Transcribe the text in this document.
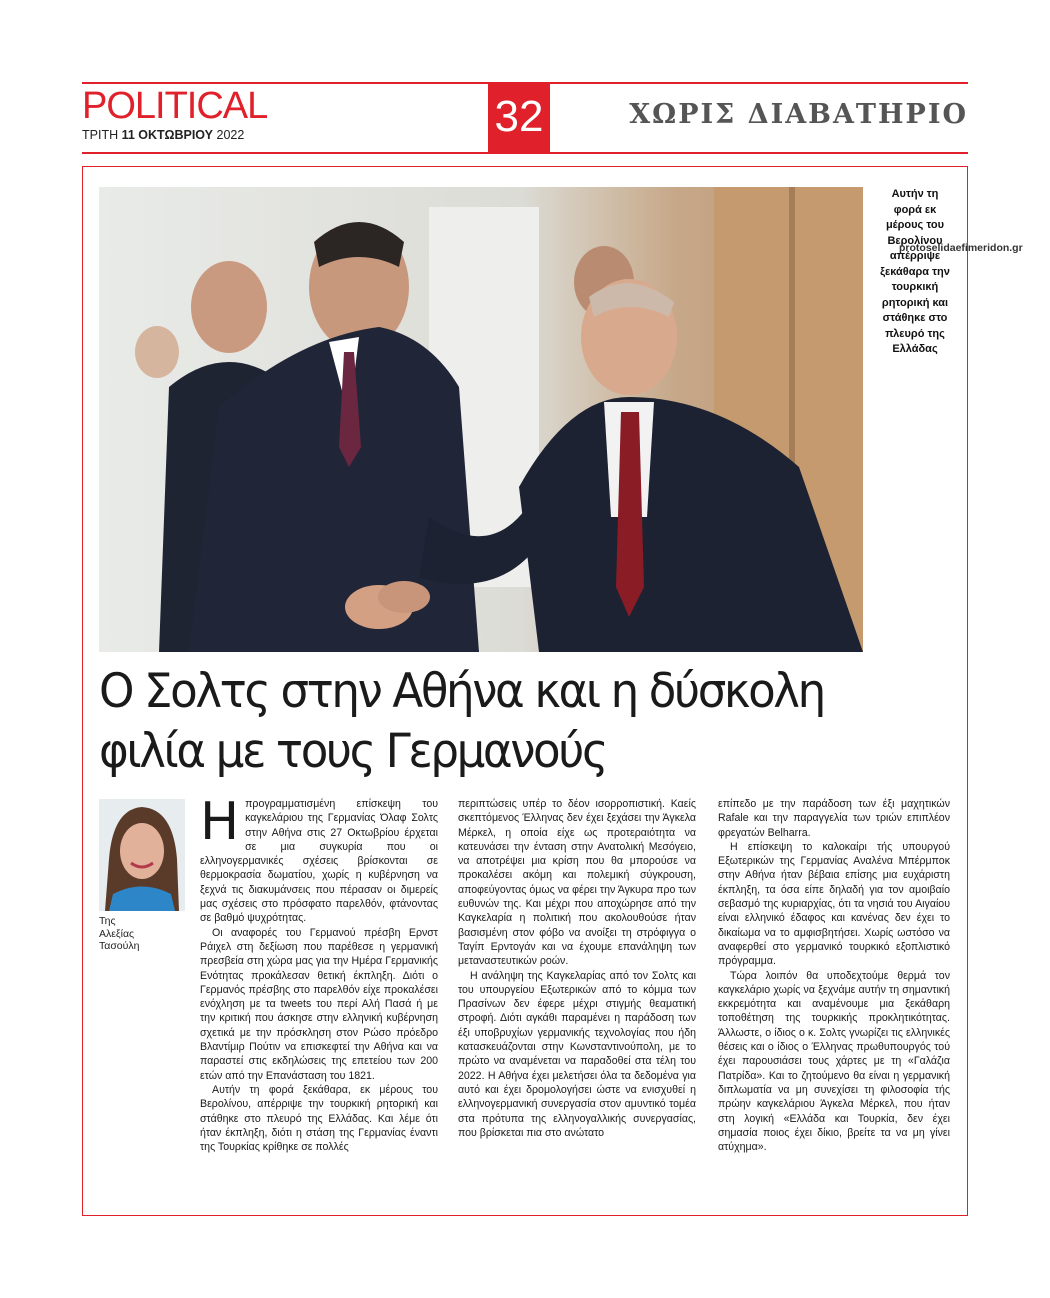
POLITICAL
ΤΡΙΤΗ 11 ΟΚΤΩΒΡΙΟΥ 2022	32	ΧΩΡΙΣ ΔΙΑΒΑΤΗΡΙΟ
Αυτήν τη φορά εκ μέρους του Βερολίνου απέρριψε ξεκάθαρα την τουρκική ρητορική και στάθηκε στο πλευρό της Ελλάδας
protoselidaefimeridon.gr
Ο Σολτς στην Αθήνα και η δύσκολη
φιλία με τους Γερμανούς
Της
Αλεξίας
Τασούλη

Ηπρογραμματισμένη επίσκεψη του καγκελάριου της Γερμανίας Όλαφ Σολτς στην Αθήνα στις 27 Οκτωβρίου έρχεται σε μια συγκυρία που οι ελληνογερμανικές σχέσεις βρίσκονται σε θερμοκρασία δωματίου, χωρίς η κυβέρνηση να ξεχνά τις διακυμάνσεις που πέρασαν οι διμερείς μας σχέσεις στο πρόσφατο παρελθόν, φτάνοντας σε βαθμό ψυχρότητας.

Οι αναφορές του Γερμανού πρέσβη Ερνστ Ράιχελ στη δεξίωση που παρέθεσε η γερμανική πρεσβεία στη χώρα μας για την Ημέρα Γερμανικής Ενότητας προκάλεσαν θετική έκπληξη. Διότι ο Γερμανός πρέσβης στο παρελθόν είχε προκαλέσει ενόχληση με τα tweets του περί Αλή Πασά ή με την κριτική που άσκησε στην ελληνική κυβέρνηση σχετικά με την πρόσκληση στον Ρώσο πρόεδρο Βλαντίμιρ Πούτιν να επισκεφτεί την Αθήνα και να παραστεί στις εκδηλώσεις της επετείου των 200 ετών από την Επανάσταση του 1821.

Αυτήν τη φορά ξεκάθαρα, εκ μέρους του Βερολίνου, απέρριψε την τουρκική ρητορική και στάθηκε στο πλευρό της Ελλάδας. Και λέμε ότι ήταν έκπληξη, διότι η στάση της Γερμανίας έναντι της Τουρκίας κρίθηκε σε πολλές

περιπτώσεις υπέρ το δέον ισορροπιστική. Καείς σκεπτόμενος Έλληνας δεν έχει ξεχάσει την Άγκελα Μέρκελ, η οποία είχε ως προτεραιότητα να κατευνάσει την ένταση στην Ανατολική Μεσόγειο, να αποτρέψει μια κρίση που θα μπορούσε να προκαλέσει ακόμη και πολεμική σύγκρουση, αποφεύγοντας όμως να φέρει την Άγκυρα προ των ευθυνών της. Και μέχρι που αποχώρησε από την Καγκελαρία η πολιτική που ακολουθούσε ήταν βασισμένη στον φόβο να ανοίξει τη στρόφιγγα ο Ταγίπ Ερντογάν και να έχουμε επανάληψη των μεταναστευτικών ροών.

Η ανάληψη της Καγκελαρίας από τον Σολτς και του υπουργείου Εξωτερικών από το κόμμα των Πρασίνων δεν έφερε μέχρι στιγμής θεαματική στροφή. Διότι αγκάθι παραμένει η παράδοση των έξι υποβρυχίων γερμανικής τεχνολογίας που ήδη κατασκευάζονται στην Κωνσταντινούπολη, με το πρώτο να αναμένεται να παραδοθεί στα τέλη του 2022. Η Αθήνα έχει μελετήσει όλα τα δεδομένα για αυτό και έχει δρομολογήσει ώστε να ενισχυθεί η ελληνογερμανική συνεργασία στον αμυντικό τομέα στα πρότυπα της ελληνογαλλικής συνεργασίας, που βρίσκεται πια στο ανώτατο

επίπεδο με την παράδοση των έξι μαχητικών Rafale και την παραγγελία των τριών επιπλέον φρεγατών Belharra.

Η επίσκεψη το καλοκαίρι τής υπουργού Εξωτερικών της Γερμανίας Αναλένα Μπέρμποκ στην Αθήνα ήταν βέβαια επίσης μια ευχάριστη έκπληξη, τα όσα είπε δηλαδή για τον αμοιβαίο σεβασμό της κυριαρχίας, ότι τα νησιά του Αιγαίου είναι ελληνικό έδαφος και κανένας δεν έχει το δικαίωμα να το αμφισβητήσει. Χωρίς ωστόσο να αναφερθεί στο γερμανικό τουρκικό εξοπλιστικό πρόγραμμα.

Τώρα λοιπόν θα υποδεχτούμε θερμά τον καγκελάριο χωρίς να ξεχνάμε αυτήν τη σημαντική εκκρεμότητα και αναμένουμε μια ξεκάθαρη τοποθέτηση της τουρκικής προκλητικότητας. Άλλωστε, ο ίδιος ο κ. Σολτς γνωρίζει τις ελληνικές θέσεις και ο ίδιος ο Έλληνας πρωθυπουργός τού έχει παρουσιάσει τους χάρτες με τη «Γαλάζια Πατρίδα». Και το ζητούμενο θα είναι η γερμανική διπλωματία να μη συνεχίσει τη φιλοσοφία τής πρώην καγκελάριου Άγκελα Μέρκελ, που ήταν στη λογική «Ελλάδα και Τουρκία, δεν έχει σημασία ποιος έχει δίκιο, βρείτε τα να μη γίνει ατύχημα».
